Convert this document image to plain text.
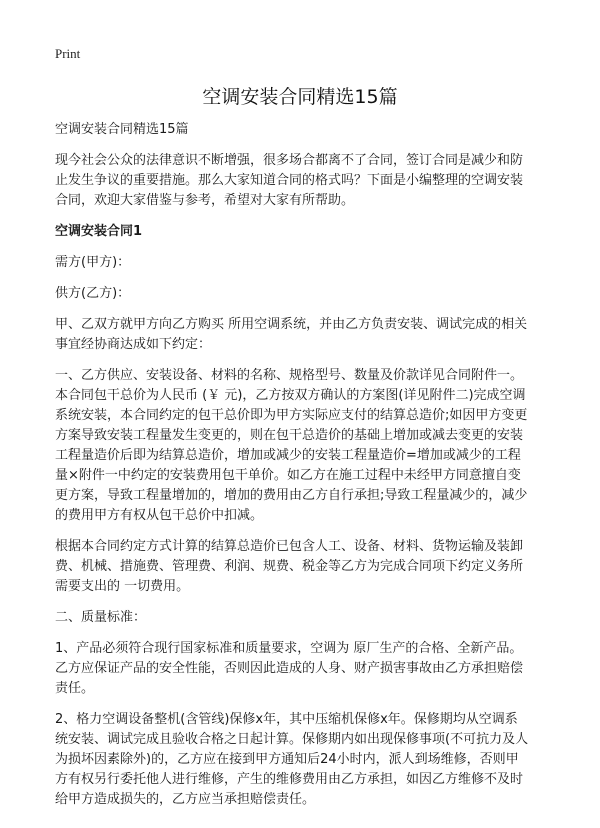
Print
空调安装合同精选15篇

空调安装合同精选15篇

现今社会公众的法律意识不断增强，很多场合都离不了合同，签订合同是减少和防止发生争议的重要措施。那么大家知道合同的格式吗？下面是小编整理的空调安装合同，欢迎大家借鉴与参考，希望对大家有所帮助。

空调安装合同1

需方(甲方)：

供方(乙方)：

甲、乙双方就甲方向乙方购买 所用空调系统，并由乙方负责安装、调试完成的相关事宜经协商达成如下约定：

一、乙方供应、安装设备、材料的名称、规格型号、数量及价款详见合同附件一。本合同包干总价为人民币 (￥ 元)，乙方按双方确认的方案图(详见附件二)完成空调系统安装，本合同约定的包干总价即为甲方实际应支付的结算总造价;如因甲方变更方案导致安装工程量发生变更的，则在包干总造价的基础上增加或减去变更的安装工程量造价后即为结算总造价，增加或减少的安装工程量造价=增加或减少的工程量×附件一中约定的安装费用包干单价。如乙方在施工过程中未经甲方同意擅自变更方案，导致工程量增加的，增加的费用由乙方自行承担;导致工程量减少的，减少的费用甲方有权从包干总价中扣减。

根据本合同约定方式计算的结算总造价已包含人工、设备、材料、货物运输及装卸费、机械、措施费、管理费、利润、规费、税金等乙方为完成合同项下约定义务所需要支出的 一切费用。

二、质量标准：

1、产品必须符合现行国家标准和质量要求，空调为 原厂生产的合格、全新产品。乙方应保证产品的安全性能，否则因此造成的人身、财产损害事故由乙方承担赔偿责任。

2、格力空调设备整机(含管线)保修x年，其中压缩机保修x年。保修期均从空调系统安装、调试完成且验收合格之日起计算。保修期内如出现保修事项(不可抗力及人为损坏因素除外)的，乙方应在接到甲方通知后24小时内，派人到场维修，否则甲方有权另行委托他人进行维修，产生的维修费用由乙方承担，如因乙方维修不及时给甲方造成损失的，乙方应当承担赔偿责任。
